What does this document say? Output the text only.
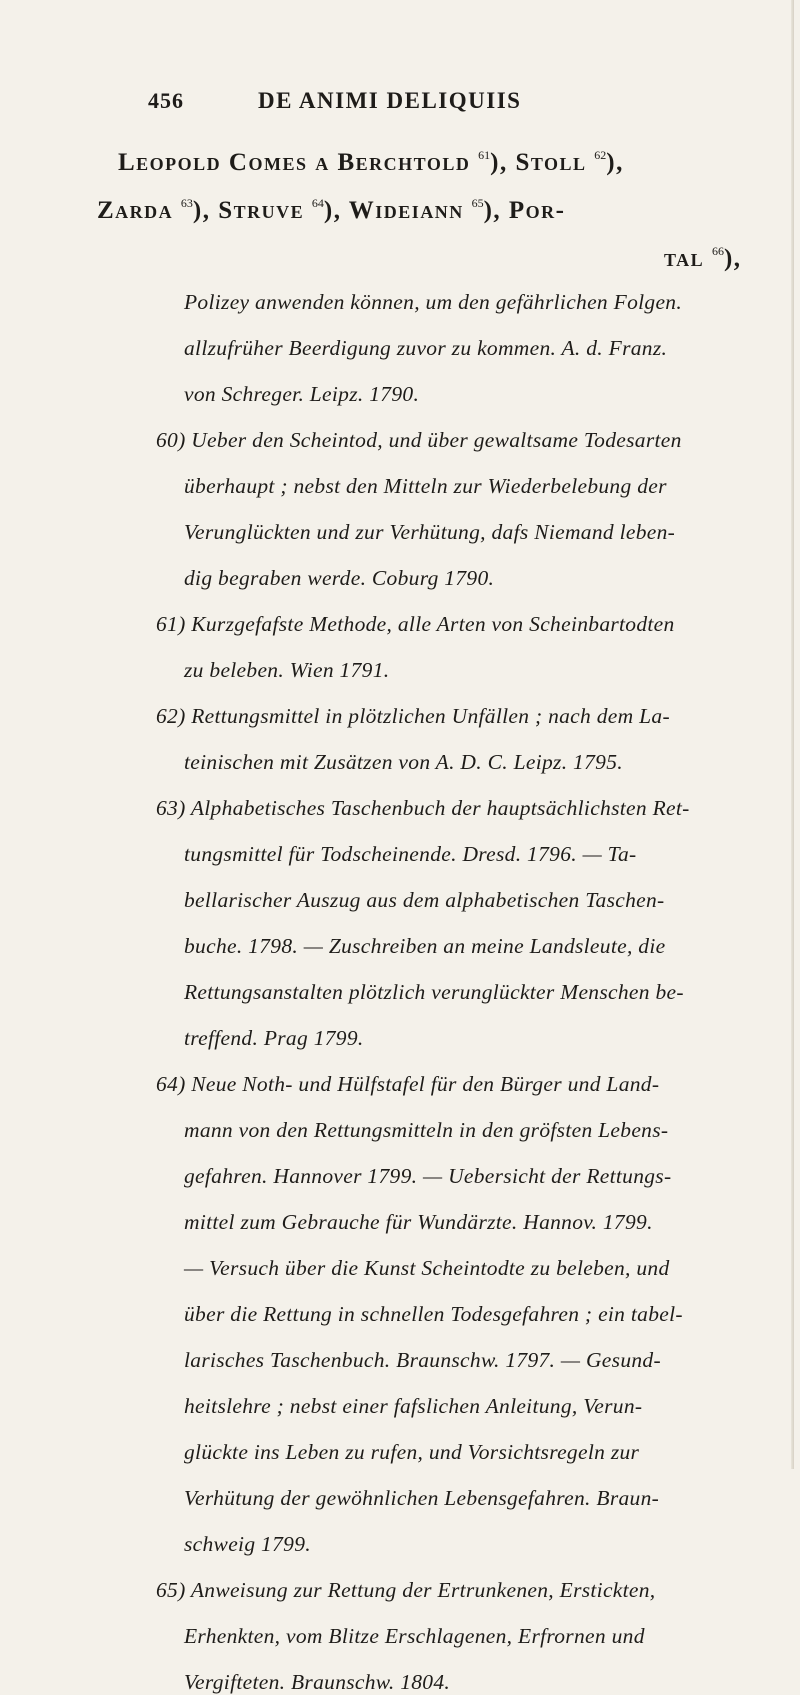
456	DE ANIMI DELIQUIIS
Leopold Comes a Berchtold $^{61}$), Stoll $^{62}$),
Zarda $^{63}$), Struve $^{64}$), Wideiann $^{65}$), Por-
tal $^{66}$),
Polizey anwenden können, um den gefährlichen Folgen.
allzufrüher Beerdigung zuvor zu kommen. A. d. Franz.
von Schreger. Leipz. 1790.
60) Ueber den Scheintod, und über gewaltsame Todesarten
überhaupt ; nebst den Mitteln zur Wiederbelebung der
Verunglückten und zur Verhütung, dafs Niemand leben-
dig begraben werde. Coburg 1790.
61) Kurzgefafste Methode, alle Arten von Scheinbartodten
zu beleben. Wien 1791.
62) Rettungsmittel in plötzlichen Unfällen ; nach dem La-
teinischen mit Zusätzen von A. D. C. Leipz. 1795.
63) Alphabetisches Taschenbuch der hauptsächlichsten Ret-
tungsmittel für Todscheinende. Dresd. 1796. — Ta-
bellarischer Auszug aus dem alphabetischen Taschen-
buche. 1798. — Zuschreiben an meine Landsleute, die
Rettungsanstalten plötzlich verunglückter Menschen be-
treffend. Prag 1799.
64) Neue Noth- und Hülfstafel für den Bürger und Land-
mann von den Rettungsmitteln in den gröfsten Lebens-
gefahren. Hannover 1799. — Uebersicht der Rettungs-
mittel zum Gebrauche für Wundärzte. Hannov. 1799.
— Versuch über die Kunst Scheintodte zu beleben, und
über die Rettung in schnellen Todesgefahren ; ein tabel-
larisches Taschenbuch. Braunschw. 1797. — Gesund-
heitslehre ; nebst einer fafslichen Anleitung, Verun-
glückte ins Leben zu rufen, und Vorsichtsregeln zur
Verhütung der gewöhnlichen Lebensgefahren. Braun-
schweig 1799.
65) Anweisung zur Rettung der Ertrunkenen, Erstickten,
Erhenkten, vom Blitze Erschlagenen, Erfrornen und
Vergifteten. Braunschw. 1804.
